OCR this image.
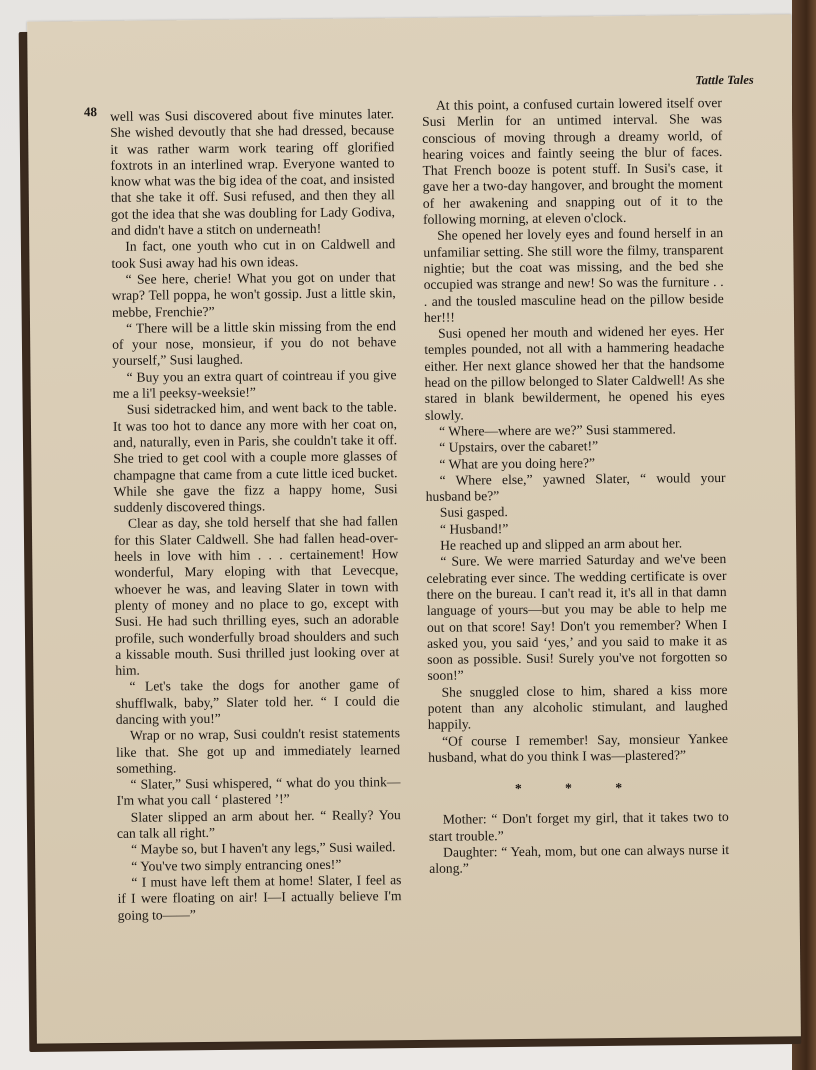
48
Tattle Tales

well was Susi discovered about five minutes later. She wished devoutly that she had dressed, because it was rather warm work tearing off glorified foxtrots in an interlined wrap. Everyone wanted to know what was the big idea of the coat, and insisted that she take it off. Susi refused, and then they all got the idea that she was doubling for Lady Godiva, and didn't have a stitch on underneath!

In fact, one youth who cut in on Caldwell and took Susi away had his own ideas.

“ See here, cherie! What you got on under that wrap? Tell poppa, he won't gossip. Just a little skin, mebbe, Frenchie?”

“ There will be a little skin missing from the end of your nose, monsieur, if you do not behave yourself,” Susi laughed.

“ Buy you an extra quart of cointreau if you give me a li'l peeksy-weeksie!”

Susi sidetracked him, and went back to the table. It was too hot to dance any more with her coat on, and, naturally, even in Paris, she couldn't take it off. She tried to get cool with a couple more glasses of champagne that came from a cute little iced bucket. While she gave the fizz a happy home, Susi suddenly discovered things.

Clear as day, she told herself that she had fallen for this Slater Caldwell. She had fallen head-over-heels in love with him . . . certainement! How wonderful, Mary eloping with that Levecque, whoever he was, and leaving Slater in town with plenty of money and no place to go, except with Susi. He had such thrilling eyes, such an adorable profile, such wonderfully broad shoulders and such a kissable mouth. Susi thrilled just looking over at him.

“ Let's take the dogs for another game of shufflwalk, baby,” Slater told her. “ I could die dancing with you!”

Wrap or no wrap, Susi couldn't resist statements like that. She got up and immediately learned something.

“ Slater,” Susi whispered, “ what do you think—I'm what you call ‘ plastered ’!”

Slater slipped an arm about her. “ Really? You can talk all right.”

“ Maybe so, but I haven't any legs,” Susi wailed.

“ You've two simply entrancing ones!”

“ I must have left them at home! Slater, I feel as if I were floating on air! I—I actually believe I'm going to——”

At this point, a confused curtain lowered itself over Susi Merlin for an untimed interval. She was conscious of moving through a dreamy world, of hearing voices and faintly seeing the blur of faces. That French booze is potent stuff. In Susi's case, it gave her a two-day hangover, and brought the moment of her awakening and snapping out of it to the following morning, at eleven o'clock.

She opened her lovely eyes and found herself in an unfamiliar setting. She still wore the filmy, transparent nightie; but the coat was missing, and the bed she occupied was strange and new! So was the furniture . . . and the tousled masculine head on the pillow beside her!!!

Susi opened her mouth and widened her eyes. Her temples pounded, not all with a hammering headache either. Her next glance showed her that the handsome head on the pillow belonged to Slater Caldwell! As she stared in blank bewilderment, he opened his eyes slowly.

“ Where—where are we?” Susi stammered.

“ Upstairs, over the cabaret!”

“ What are you doing here?”

“ Where else,” yawned Slater, “ would your husband be?”

Susi gasped.

“ Husband!”

He reached up and slipped an arm about her.

“ Sure. We were married Saturday and we've been celebrating ever since. The wedding certificate is over there on the bureau. I can't read it, it's all in that damn language of yours—but you may be able to help me out on that score! Say! Don't you remember? When I asked you, you said ‘yes,’ and you said to make it as soon as possible. Susi! Surely you've not forgotten so soon!”

She snuggled close to him, shared a kiss more potent than any alcoholic stimulant, and laughed happily.

“Of course I remember! Say, monsieur Yankee husband, what do you think I was—plastered?”

* * *

Mother: “ Don't forget my girl, that it takes two to start trouble.”

Daughter: “ Yeah, mom, but one can always nurse it along.”
